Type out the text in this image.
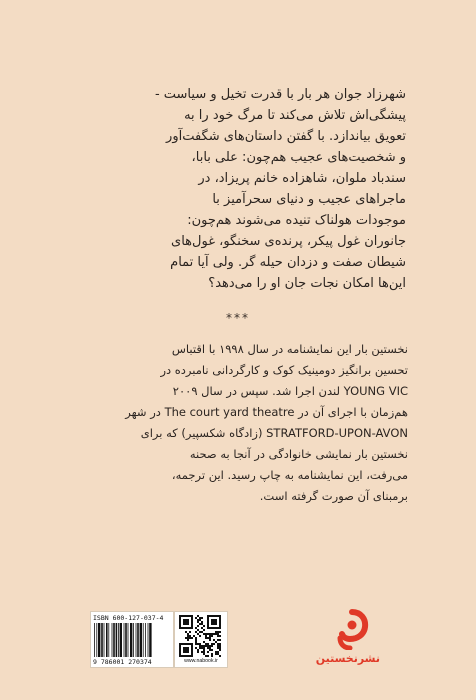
شهرزاد جوان هر بار با قدرت تخیل و سیاست -
پیشگی‌اش تلاش می‌کند تا مرگ خود را به
تعویق بیاندازد. با گفتن داستان‌های شگفت‌آور
و شخصیت‌های عجیب هم‌چون: علی بابا،
سندباد ملوان، شاهزاده خانم پریزاد، در
ماجراهای عجیب و دنیای سحرآمیز با
موجودات هولناک تنیده می‌شوند هم‌چون:
جانوران غول پیکر، پرنده‌ی سخنگو، غول‌های
شیطان صفت و دزدان حیله گر. ولی آیا تمام
این‌ها امکان نجات جان او را می‌دهد؟
***
نخستین بار این نمایشنامه در سال ۱۹۹۸ با اقتباس
تحسین برانگیز دومینیک کوک و کارگردانی نامبرده در
YOUNG VIC لندن اجرا شد. سپس در سال ۲۰۰۹
هم‌زمان با اجرای آن در The court yard theatre در شهر
STRATFORD-UPON-AVON (زادگاه شکسپیر) که برای
نخستین بار نمایشی خانوادگی در آنجا به صحنه
می‌رفت، این نمایشنامه به چاپ رسید. این ترجمه،
برمبنای آن صورت گرفته است.
ISBN 600-127-037-4
9 786001 270374	www.nabook.ir	نشرنخستین
